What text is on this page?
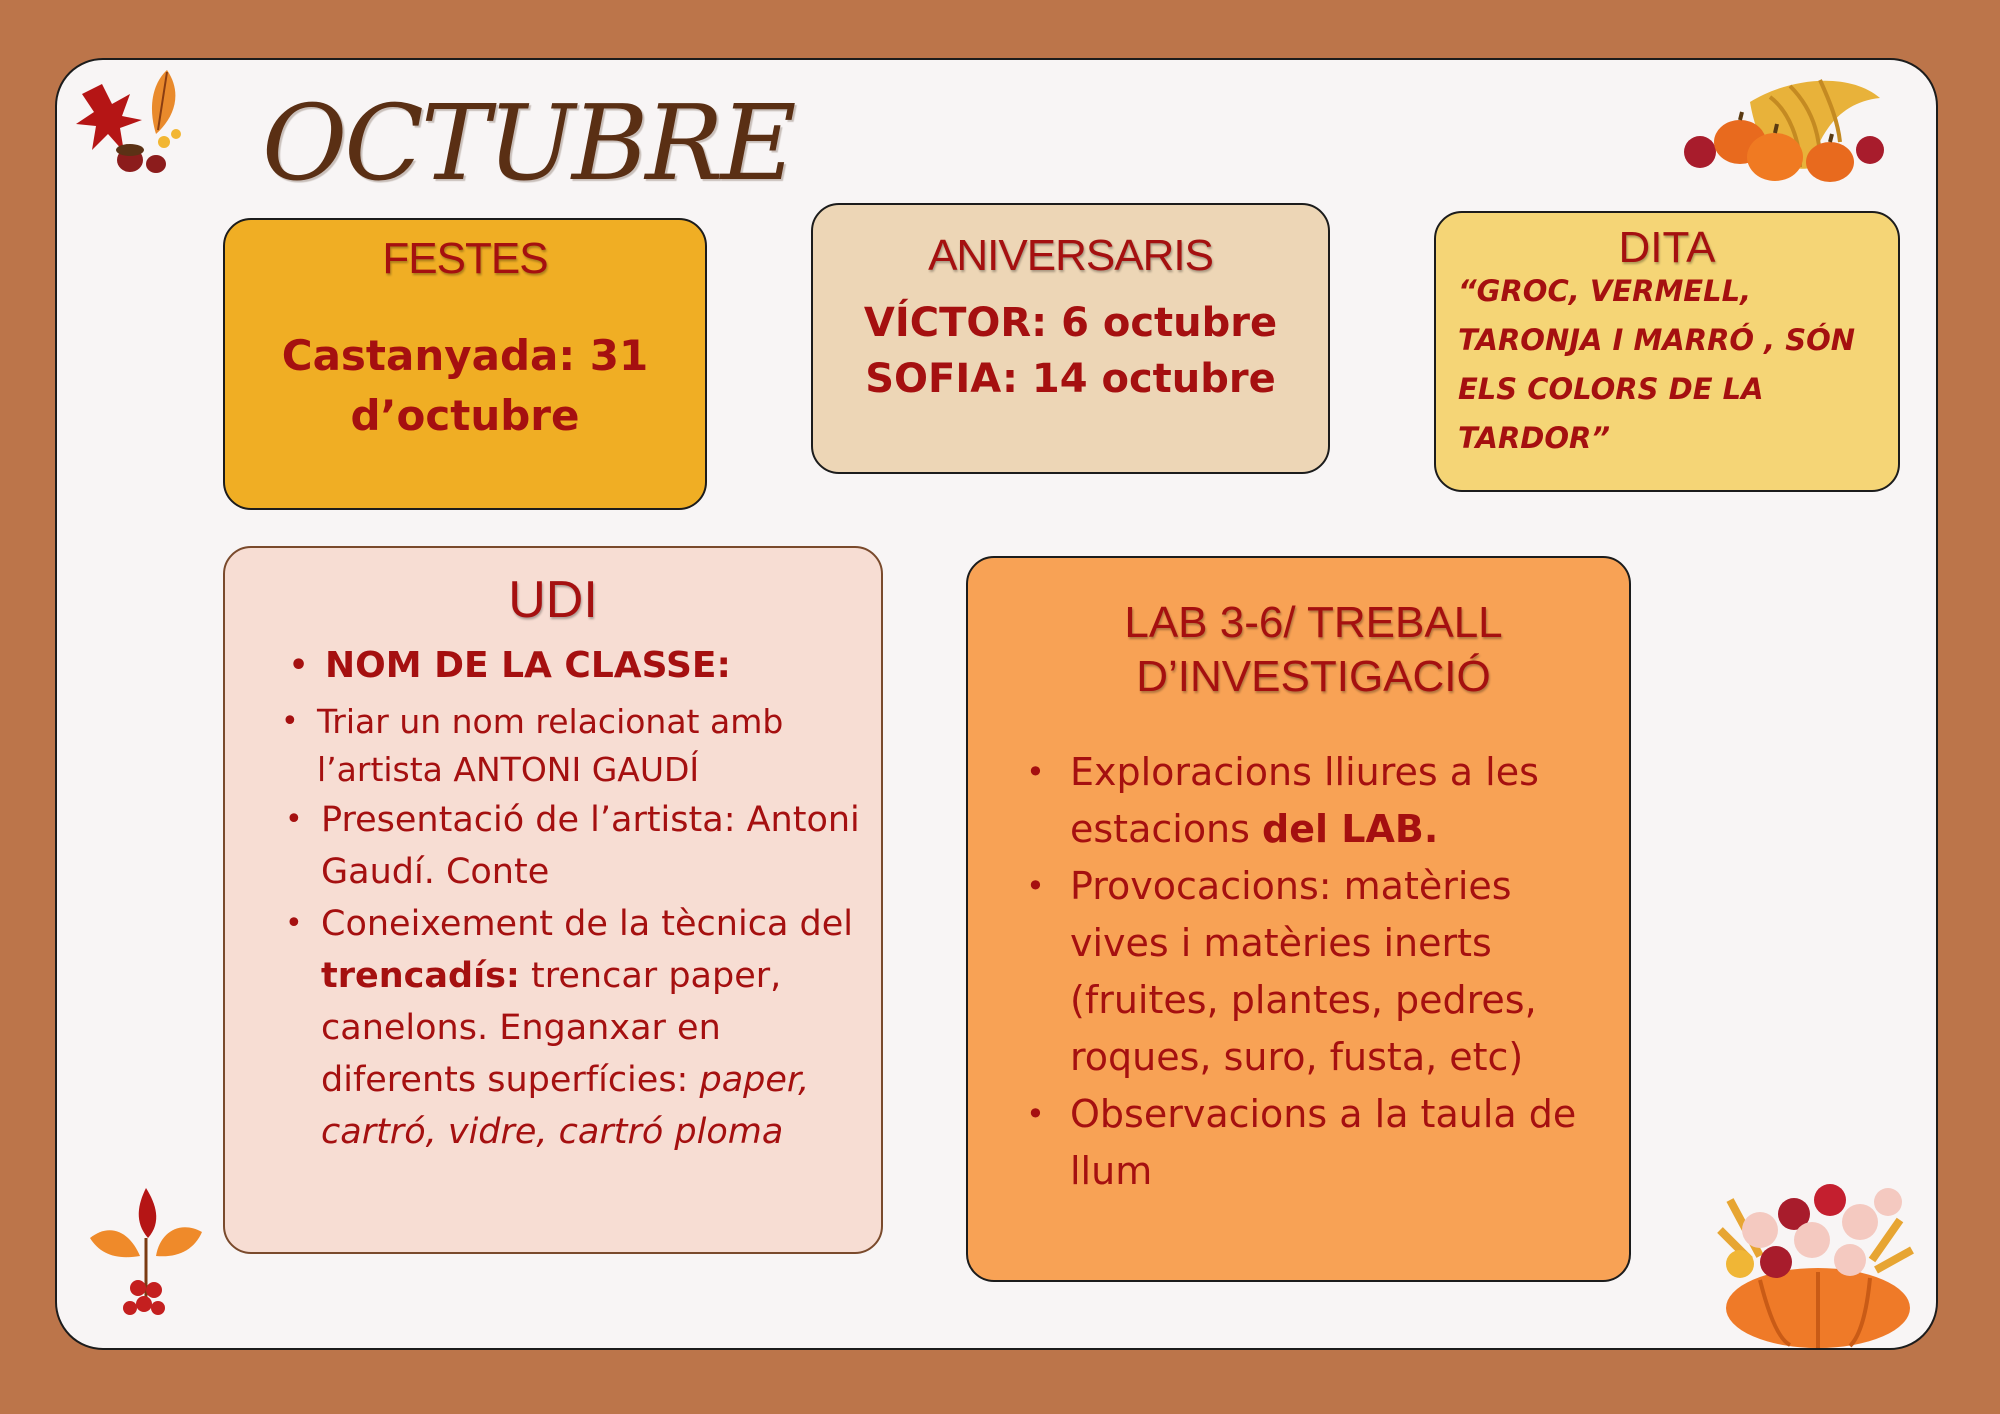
OCTUBRE
FESTES
Castanyada: 31
d’octubre
ANIVERSARIS
VÍCTOR: 6 octubre
SOFIA: 14 octubre
DITA
“GROC, VERMELL,
TARONJA I MARRÓ , SÓN
ELS COLORS DE LA
TARDOR”
UDI
• NOM DE LA CLASSE:
• Triar un nom relacionat amb l’artista ANTONI GAUDÍ
• Presentació de l’artista: Antoni Gaudí. Conte
• Coneixement de la tècnica del trencadís: trencar paper, canelons. Enganxar en diferents superfícies: paper, cartró, vidre, cartró ploma
LAB 3-6/ TREBALL
D’INVESTIGACIÓ
• Exploracions lliures a les estacions del LAB.
• Provocacions: matèries vives i matèries inerts (fruites, plantes, pedres, roques, suro, fusta, etc)
• Observacions a la taula de llum
